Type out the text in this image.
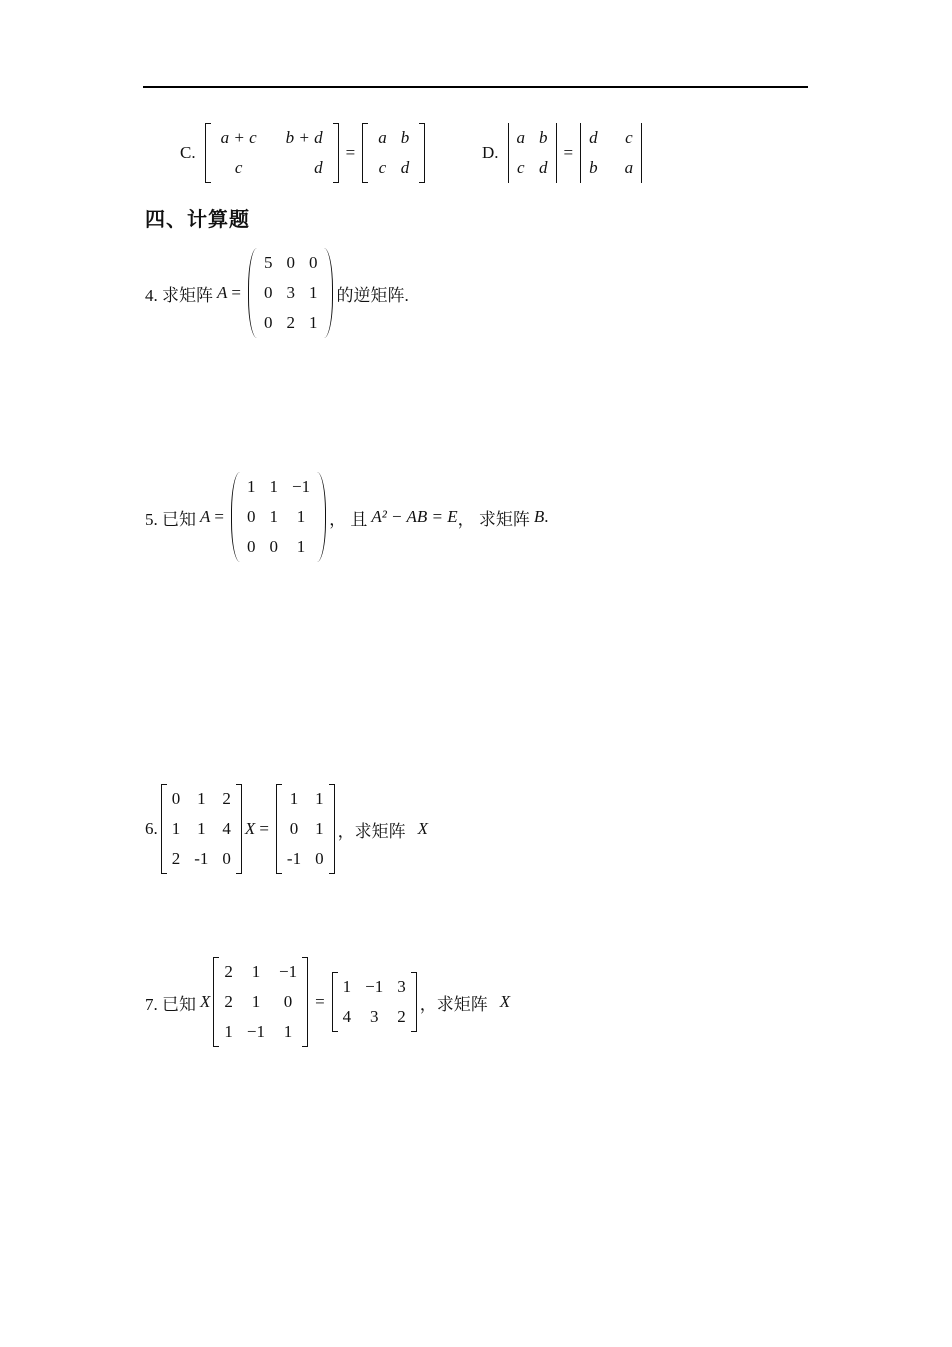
C.
a + c	b + d
c	d
=
a	b
c	d
D.
a	b
c	d
=
d	c
b	a
四、计算题
4. 求矩阵 A =
5	0	0
0	3	1
0	2	1
的逆矩阵.
5. 已知 A =
1	1	−1
0	1	1
0	0	1
， 且 A² − AB = E ， 求矩阵 B .
6.
0	1	2
1	1	4
2	-1	0
X =
1	1
0	1
-1	0
，求矩阵 X
7. 已知 X
2	1	−1
2	1	0
1	−1	1
=
1	−1	3
4	3	2
，求矩阵 X
